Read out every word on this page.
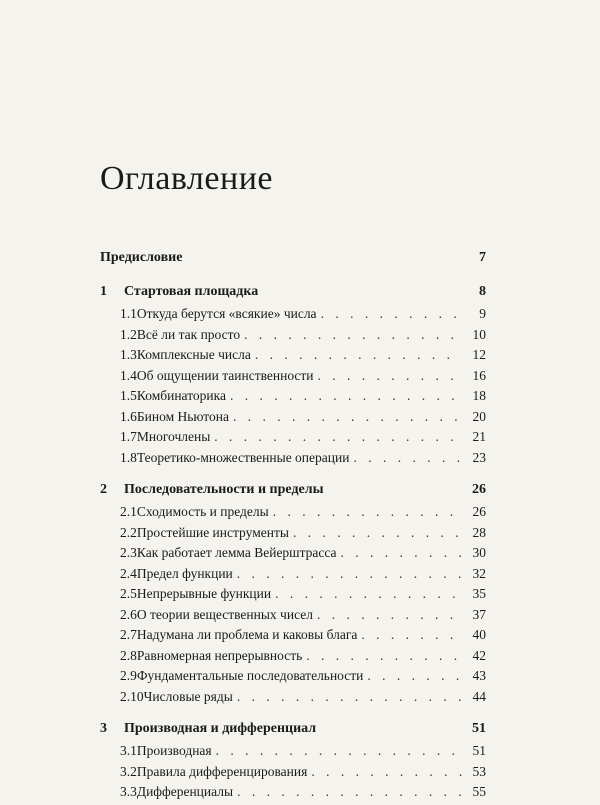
Оглавление
Предисловие	7
1	Стартовая площадка	8
1.1 Откуда берутся «всякие» числа . . .	9
1.2 Всё ли так просто . . .	10
1.3 Комплексные числа . . .	12
1.4 Об ощущении таинственности . . .	16
1.5 Комбинаторика . . .	18
1.6 Бином Ньютона . . .	20
1.7 Многочлены . . .	21
1.8 Теоретико-множественные операции . . .	23
2	Последовательности и пределы	26
2.1 Сходимость и пределы . . .	26
2.2 Простейшие инструменты . . .	28
2.3 Как работает лемма Вейерштрасса . . .	30
2.4 Предел функции . . .	32
2.5 Непрерывные функции . . .	35
2.6 О теории вещественных чисел . . .	37
2.7 Надумана ли проблема и каковы блага . . .	40
2.8 Равномерная непрерывность . . .	42
2.9 Фундаментальные последовательности . . .	43
2.10 Числовые ряды . . .	44
3	Производная и дифференциал	51
3.1 Производная . . .	51
3.2 Правила дифференцирования . . .	53
3.3 Дифференциалы . . .	55
